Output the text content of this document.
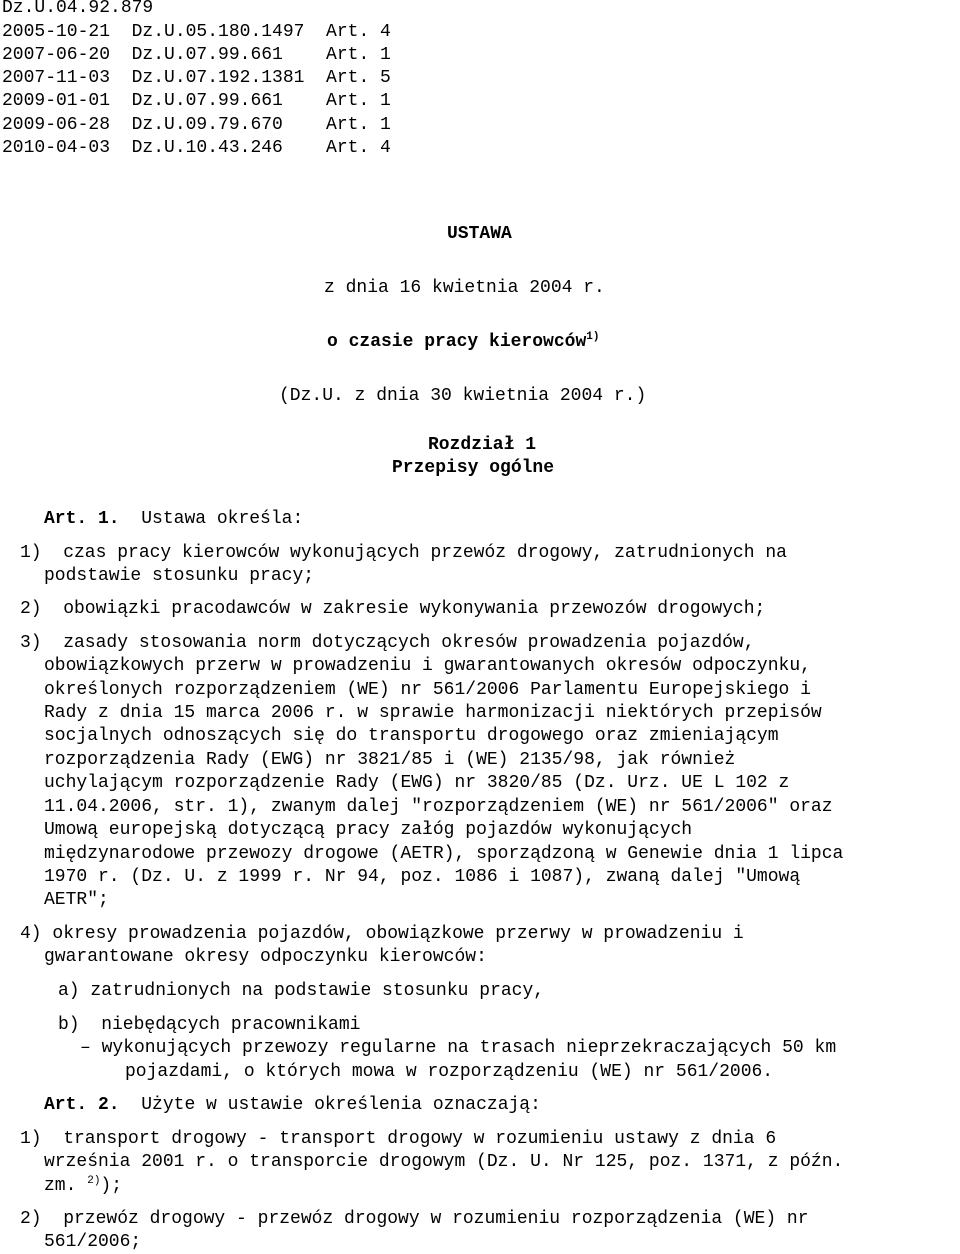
Dz.U.04.92.879
2005-10-21  Dz.U.05.180.1497  Art. 4
2007-06-20  Dz.U.07.99.661    Art. 1
2007-11-03  Dz.U.07.192.1381  Art. 5
2009-01-01  Dz.U.07.99.661    Art. 1
2009-06-28  Dz.U.09.79.670    Art. 1
2010-04-03  Dz.U.10.43.246    Art. 4
USTAWA
z dnia 16 kwietnia 2004 r.
o czasie pracy kierowców$^{1)}$
(Dz.U. z dnia 30 kwietnia 2004 r.)
Rozdział 1
Przepisy ogólne
Art. 1. Ustawa określa:
1)  czas pracy kierowców wykonujących przewóz drogowy, zatrudnionych na
podstawie stosunku pracy;
2)  obowiązki pracodawców w zakresie wykonywania przewozów drogowych;
3)  zasady stosowania norm dotyczących okresów prowadzenia pojazdów,
obowiązkowych przerw w prowadzeniu i gwarantowanych okresów odpoczynku,
określonych rozporządzeniem (WE) nr 561/2006 Parlamentu Europejskiego i
Rady z dnia 15 marca 2006 r. w sprawie harmonizacji niektórych przepisów
socjalnych odnoszących się do transportu drogowego oraz zmieniającym
rozporządzenia Rady (EWG) nr 3821/85 i (WE) 2135/98, jak również
uchylającym rozporządzenie Rady (EWG) nr 3820/85 (Dz. Urz. UE L 102 z
11.04.2006, str. 1), zwanym dalej "rozporządzeniem (WE) nr 561/2006" oraz
Umową europejską dotyczącą pracy załóg pojazdów wykonujących
międzynarodowe przewozy drogowe (AETR), sporządzoną w Genewie dnia 1 lipca
1970 r. (Dz. U. z 1999 r. Nr 94, poz. 1086 i 1087), zwaną dalej "Umową
AETR";
4) okresy prowadzenia pojazdów, obowiązkowe przerwy w prowadzeniu i
gwarantowane okresy odpoczynku kierowców:
a) zatrudnionych na podstawie stosunku pracy,
b)  niebędących pracownikami
– wykonujących przewozy regularne na trasach nieprzekraczających 50 km
pojazdami, o których mowa w rozporządzeniu (WE) nr 561/2006.
Art. 2. Użyte w ustawie określenia oznaczają:
1)  transport drogowy - transport drogowy w rozumieniu ustawy z dnia 6
września 2001 r. o transporcie drogowym (Dz. U. Nr 125, poz. 1371, z późn.
zm. $^{2)}$);
2)  przewóz drogowy - przewóz drogowy w rozumieniu rozporządzenia (WE) nr
561/2006;
